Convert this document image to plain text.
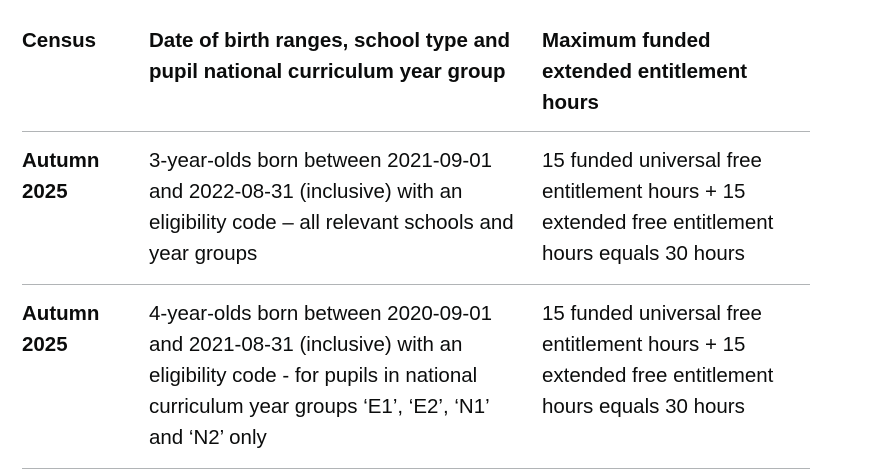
Census	Date of birth ranges, school type and pupil national curriculum year group	Maximum funded extended entitlement hours

Autumn 2025	3-year-olds born between 2021-09-01 and 2022-08-31 (inclusive) with an eligibility code – all relevant schools and year groups	15 funded universal free entitlement hours + 15 extended free entitlement hours equals 30 hours

Autumn 2025	4-year-olds born between 2020-09-01 and 2021-08-31 (inclusive) with an eligibility code - for pupils in national curriculum year groups ‘E1’, ‘E2’, ‘N1’ and ‘N2’ only	15 funded universal free entitlement hours + 15 extended free entitlement hours equals 30 hours
